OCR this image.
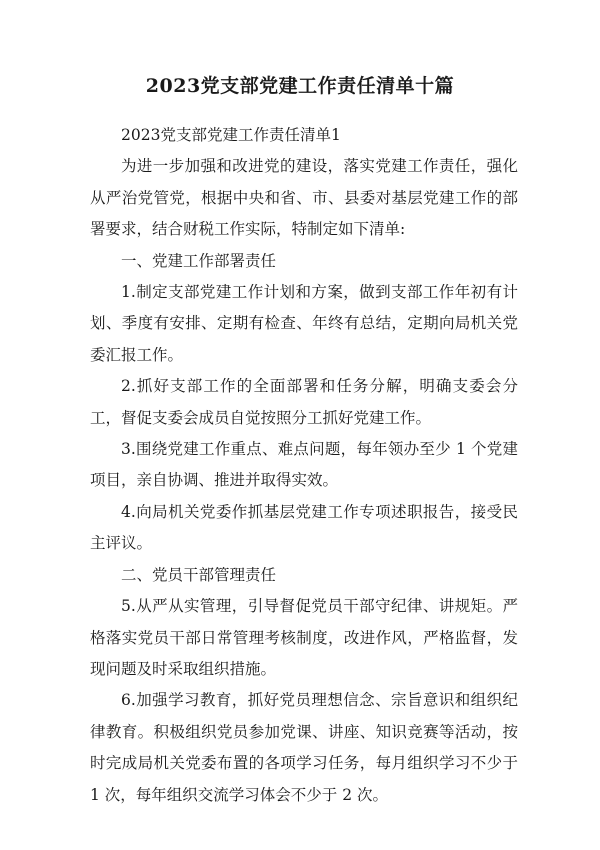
2023党支部党建工作责任清单十篇

2023党支部党建工作责任清单1

为进一步加强和改进党的建设，落实党建工作责任，强化从严治党管党，根据中央和省、市、县委对基层党建工作的部署要求，结合财税工作实际，特制定如下清单:

一、党建工作部署责任

1.制定支部党建工作计划和方案，做到支部工作年初有计划、季度有安排、定期有检查、年终有总结，定期向局机关党委汇报工作。

2.抓好支部工作的全面部署和任务分解，明确支委会分工，督促支委会成员自觉按照分工抓好党建工作。

3.围绕党建工作重点、难点问题，每年领办至少 1 个党建项目，亲自协调、推进并取得实效。

4.向局机关党委作抓基层党建工作专项述职报告，接受民主评议。

二、党员干部管理责任

5.从严从实管理，引导督促党员干部守纪律、讲规矩。严格落实党员干部日常管理考核制度，改进作风，严格监督，发现问题及时采取组织措施。

6.加强学习教育，抓好党员理想信念、宗旨意识和组织纪律教育。积极组织党员参加党课、讲座、知识竞赛等活动，按时完成局机关党委布置的各项学习任务，每月组织学习不少于 1 次，每年组织交流学习体会不少于 2 次。
